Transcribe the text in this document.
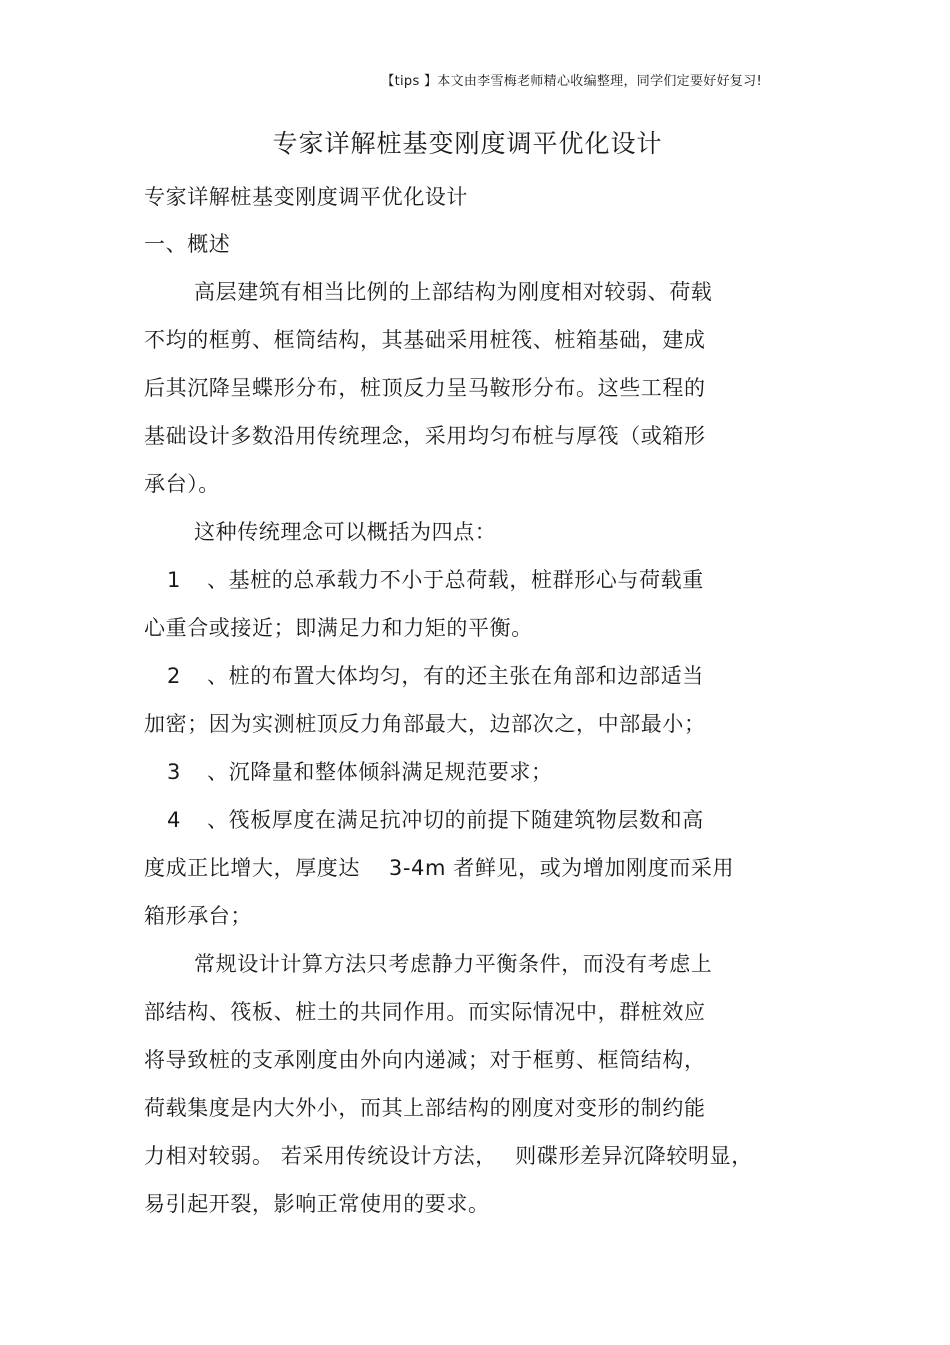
【tips 】本文由李雪梅老师精心收编整理，同学们定要好好复习!
专家详解桩基变刚度调平优化设计
专家详解桩基变刚度调平优化设计
一、概述
高层建筑有相当比例的上部结构为刚度相对较弱、荷载
不均的框剪、框筒结构，其基础采用桩筏、桩箱基础，建成
后其沉降呈蝶形分布，桩顶反力呈马鞍形分布。这些工程的
基础设计多数沿用传统理念，采用均匀布桩与厚筏（或箱形
承台）。
这种传统理念可以概括为四点：
1 、基桩的总承载力不小于总荷载，桩群形心与荷载重
心重合或接近；即满足力和力矩的平衡。
2 、桩的布置大体均匀，有的还主张在角部和边部适当
加密；因为实测桩顶反力角部最大，边部次之，中部最小；
3 、沉降量和整体倾斜满足规范要求；
4 、筏板厚度在满足抗冲切的前提下随建筑物层数和高
度成正比增大，厚度达　 3-4m 者鲜见，或为增加刚度而采用
箱形承台；
常规设计计算方法只考虑静力平衡条件，而没有考虑上
部结构、筏板、桩土的共同作用。而实际情况中，群桩效应
将导致桩的支承刚度由外向内递减；对于框剪、框筒结构，
荷载集度是内大外小，而其上部结构的刚度对变形的制约能
力相对较弱。 若采用传统设计方法，　 则碟形差异沉降较明显，
易引起开裂，影响正常使用的要求。
